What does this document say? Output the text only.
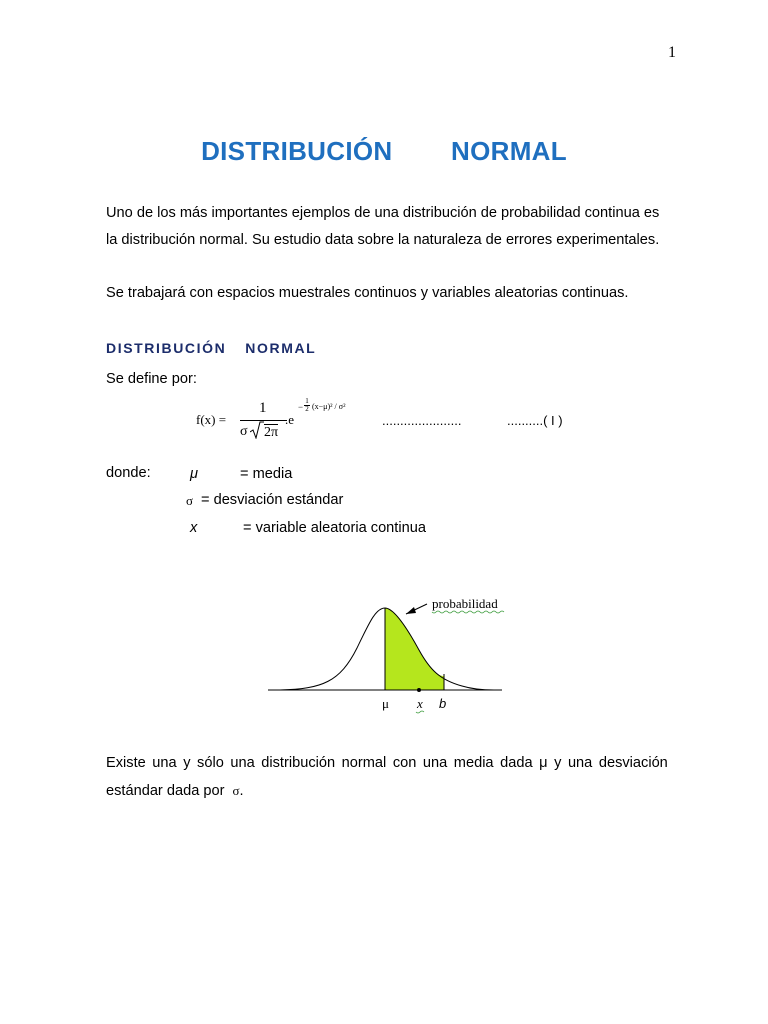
1
DISTRIBUCIÓN   NORMAL
Uno de los más importantes ejemplos de una distribución de probabilidad continua es
la distribución normal. Su estudio data sobre la naturaleza de errores experimentales.
Se trabajará con espacios muestrales continuos y variables aleatorias continuas.
DISTRIBUCIÓN  NORMAL
Se define por:
f(x) =
1
σ 2π
.e
−
1
2 (x−μ)² / σ²
......................	..........( I )
donde:	μ	= media
σ = desviación estándar
x	= variable aleatoria continua
probabilidad
μ x b
Existe una y sólo una distribución normal con una media dada μ y una desviación
estándar dada por σ.
